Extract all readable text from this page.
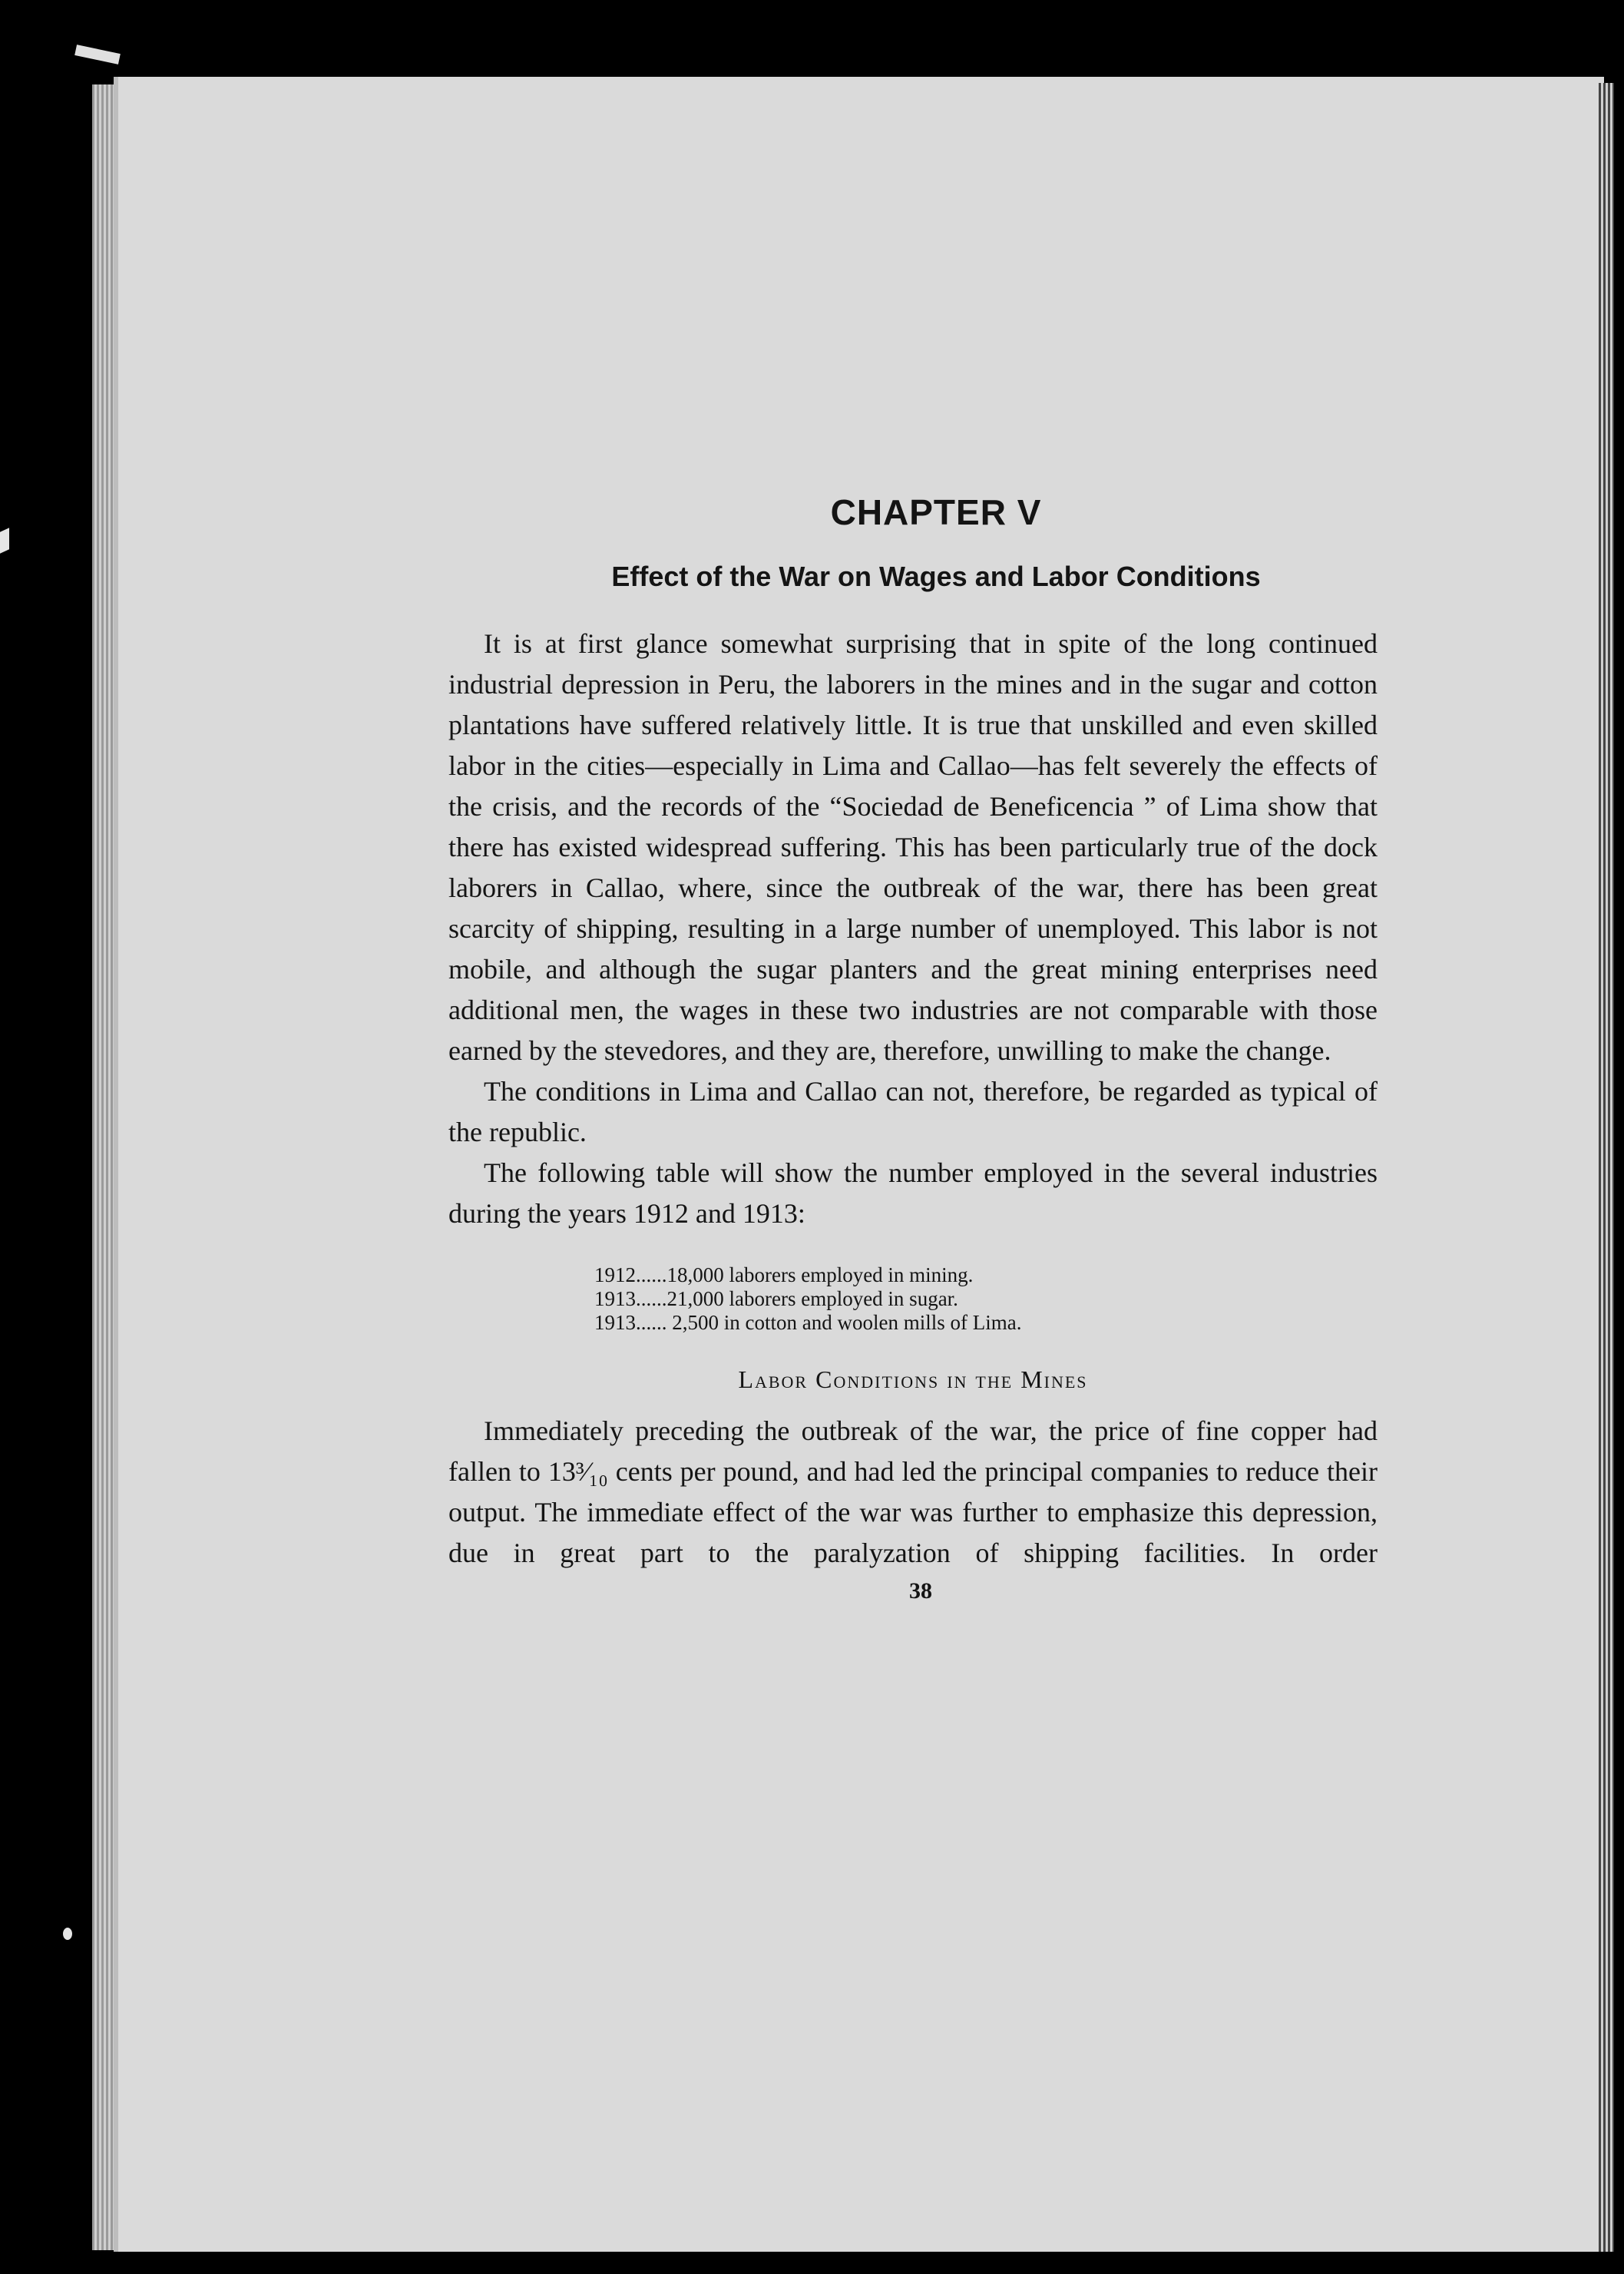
CHAPTER V
Effect of the War on Wages and Labor Conditions

It is at first glance somewhat surprising that in spite of the long continued industrial depression in Peru, the laborers in the mines and in the sugar and cotton plantations have suffered relatively little. It is true that unskilled and even skilled labor in the cities—especially in Lima and Callao—has felt severely the effects of the crisis, and the records of the “Sociedad de Beneficencia ” of Lima show that there has existed widespread suffering. This has been particularly true of the dock laborers in Callao, where, since the outbreak of the war, there has been great scarcity of shipping, resulting in a large number of unemployed. This labor is not mobile, and although the sugar planters and the great mining enterprises need additional men, the wages in these two industries are not comparable with those earned by the stevedores, and they are, therefore, unwilling to make the change.

The conditions in Lima and Callao can not, therefore, be regarded as typical of the republic.

The following table will show the number employed in the several industries during the years 1912 and 1913:

1912......18,000 laborers employed in mining.
1913......21,000 laborers employed in sugar.
1913...... 2,500 in cotton and woolen mills of Lima.
Labor Conditions in the Mines

Immediately preceding the outbreak of the war, the price of fine copper had fallen to 13³⁄₁₀ cents per pound, and had led the principal companies to reduce their output. The immediate effect of the war was further to emphasize this depression, due in great part to the paralyzation of shipping facilities. In order

38
